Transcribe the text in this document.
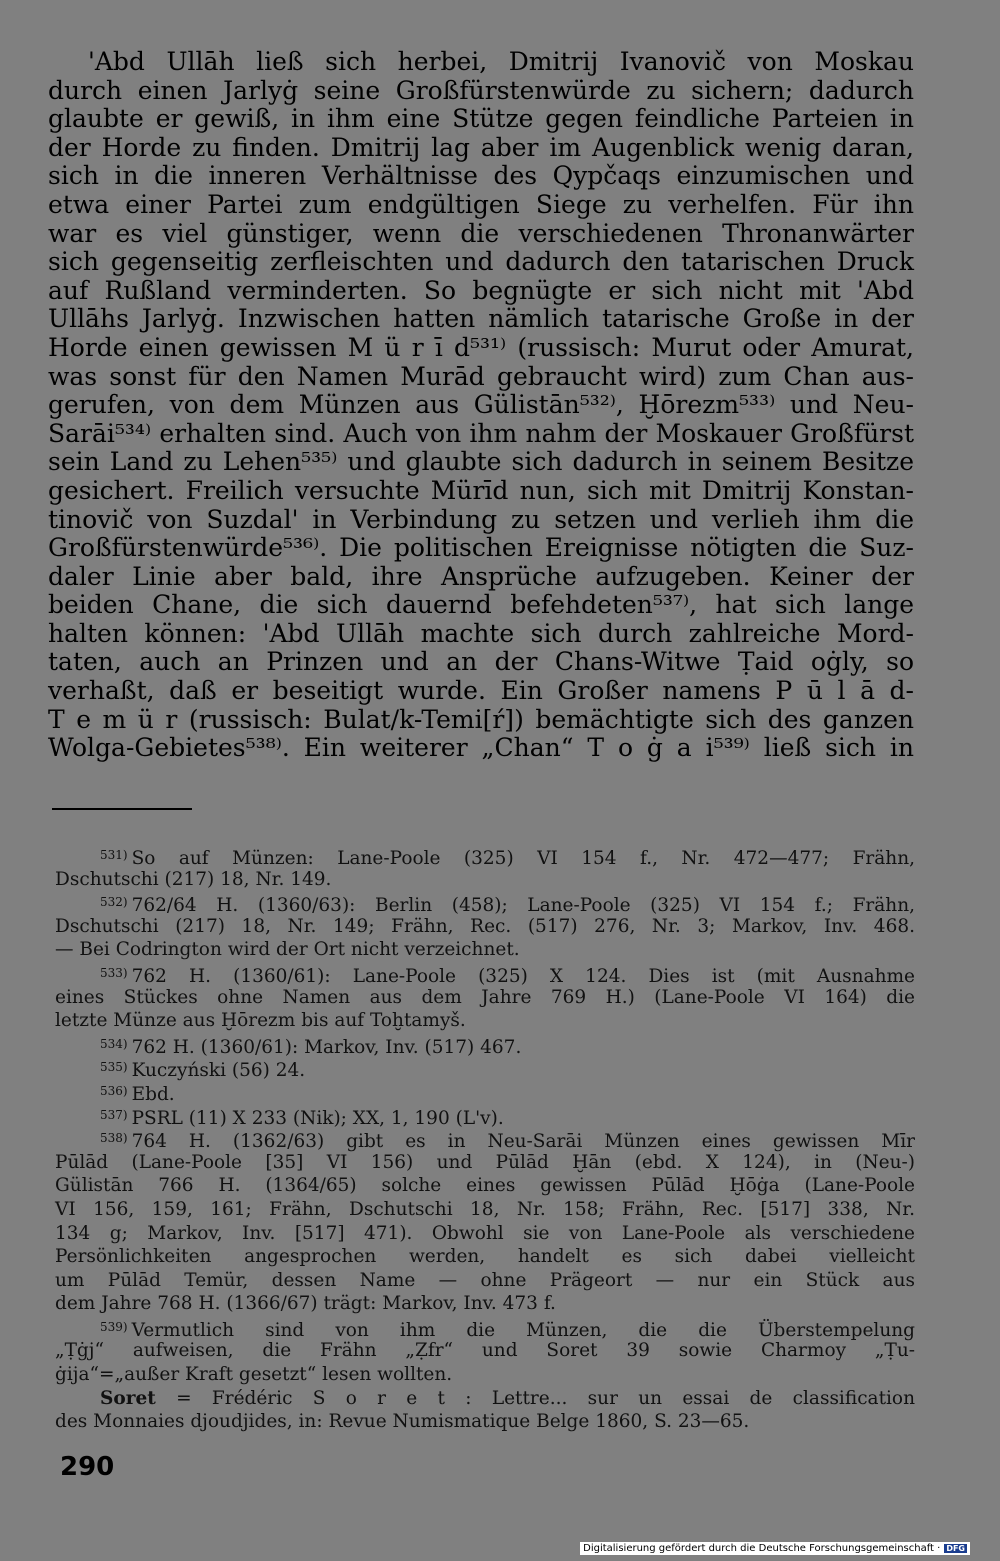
'Abd Ullāh ließ sich herbei, Dmitrij Ivanovič von Moskau
durch einen Jarlyġ seine Großfürstenwürde zu sichern; dadurch
glaubte er gewiß, in ihm eine Stütze gegen feindliche Parteien in
der Horde zu finden. Dmitrij lag aber im Augenblick wenig daran,
sich in die inneren Verhältnisse des Qypčaqs einzumischen und
etwa einer Partei zum endgültigen Siege zu verhelfen. Für ihn
war es viel günstiger, wenn die verschiedenen Thronanwärter
sich gegenseitig zerfleischten und dadurch den tatarischen Druck
auf Rußland verminderten. So begnügte er sich nicht mit 'Abd
Ullāhs Jarlyġ. Inzwischen hatten nämlich tatarische Große in der
Horde einen gewissen M ü r ī d⁵³¹⁾ (russisch: Murut oder Amurat,
was sonst für den Namen Murād gebraucht wird) zum Chan aus-
gerufen, von dem Münzen aus Gülistān⁵³²⁾, Ḫōrezm⁵³³⁾ und Neu-
Sarāi⁵³⁴⁾ erhalten sind. Auch von ihm nahm der Moskauer Großfürst
sein Land zu Lehen⁵³⁵⁾ und glaubte sich dadurch in seinem Besitze
gesichert. Freilich versuchte Mürīd nun, sich mit Dmitrij Konstan-
tinovič von Suzdal' in Verbindung zu setzen und verlieh ihm die
Großfürstenwürde⁵³⁶⁾. Die politischen Ereignisse nötigten die Suz-
daler Linie aber bald, ihre Ansprüche aufzugeben. Keiner der
beiden Chane, die sich dauernd befehdeten⁵³⁷⁾, hat sich lange
halten können: 'Abd Ullāh machte sich durch zahlreiche Mord-
taten, auch an Prinzen und an der Chans-Witwe Ṭaid oġly, so
verhaßt, daß er beseitigt wurde. Ein Großer namens P ū l ā d-
T e m ü r (russisch: Bulat/k-Temi[ŕ]) bemächtigte sich des ganzen
Wolga-Gebietes⁵³⁸⁾. Ein weiterer „Chan“ T o ġ a i⁵³⁹⁾ ließ sich in
$^{531)}$ So auf Münzen: Lane-Poole (325) VI 154 f., Nr. 472—477; Frähn,
Dschutschi (217) 18, Nr. 149.
$^{532)}$ 762/64 H. (1360/63): Berlin (458); Lane-Poole (325) VI 154 f.; Frähn,
Dschutschi (217) 18, Nr. 149; Frähn, Rec. (517) 276, Nr. 3; Markov, Inv. 468.
— Bei Codrington wird der Ort nicht verzeichnet.
$^{533)}$ 762 H. (1360/61): Lane-Poole (325) X 124. Dies ist (mit Ausnahme
eines Stückes ohne Namen aus dem Jahre 769 H.) (Lane-Poole VI 164) die
letzte Münze aus Ḫōrezm bis auf Toḫtamyš.
$^{534)}$ 762 H. (1360/61): Markov, Inv. (517) 467.
$^{535)}$ Kuczyński (56) 24.
$^{536)}$ Ebd.
$^{537)}$ PSRL (11) X 233 (Nik); XX, 1, 190 (L'v).
$^{538)}$ 764 H. (1362/63) gibt es in Neu-Sarāi Münzen eines gewissen Mīr
Pūlād (Lane-Poole [35] VI 156) und Pūlād Ḫān (ebd. X 124), in (Neu-)
Gülistān 766 H. (1364/65) solche eines gewissen Pūlād Ḫōġa (Lane-Poole
VI 156, 159, 161; Frähn, Dschutschi 18, Nr. 158; Frähn, Rec. [517] 338, Nr.
134 g; Markov, Inv. [517] 471). Obwohl sie von Lane-Poole als verschiedene
Persönlichkeiten angesprochen werden, handelt es sich dabei vielleicht
um Pūlād Temür, dessen Name — ohne Prägeort — nur ein Stück aus
dem Jahre 768 H. (1366/67) trägt: Markov, Inv. 473 f.
$^{539)}$ Vermutlich sind von ihm die Münzen, die die Überstempelung
„Ṭġj“ aufweisen, die Frähn „Ẓfr“ und Soret 39 sowie Charmoy „Ṭu-
ġija“=„außer Kraft gesetzt“ lesen wollten.
Soret = Frédéric S o r e t : Lettre... sur un essai de classification
des Monnaies djoudjides, in: Revue Numismatique Belge 1860, S. 23—65.
290
Digitalisierung gefördert durch die Deutsche Forschungsgemeinschaft · DFG
